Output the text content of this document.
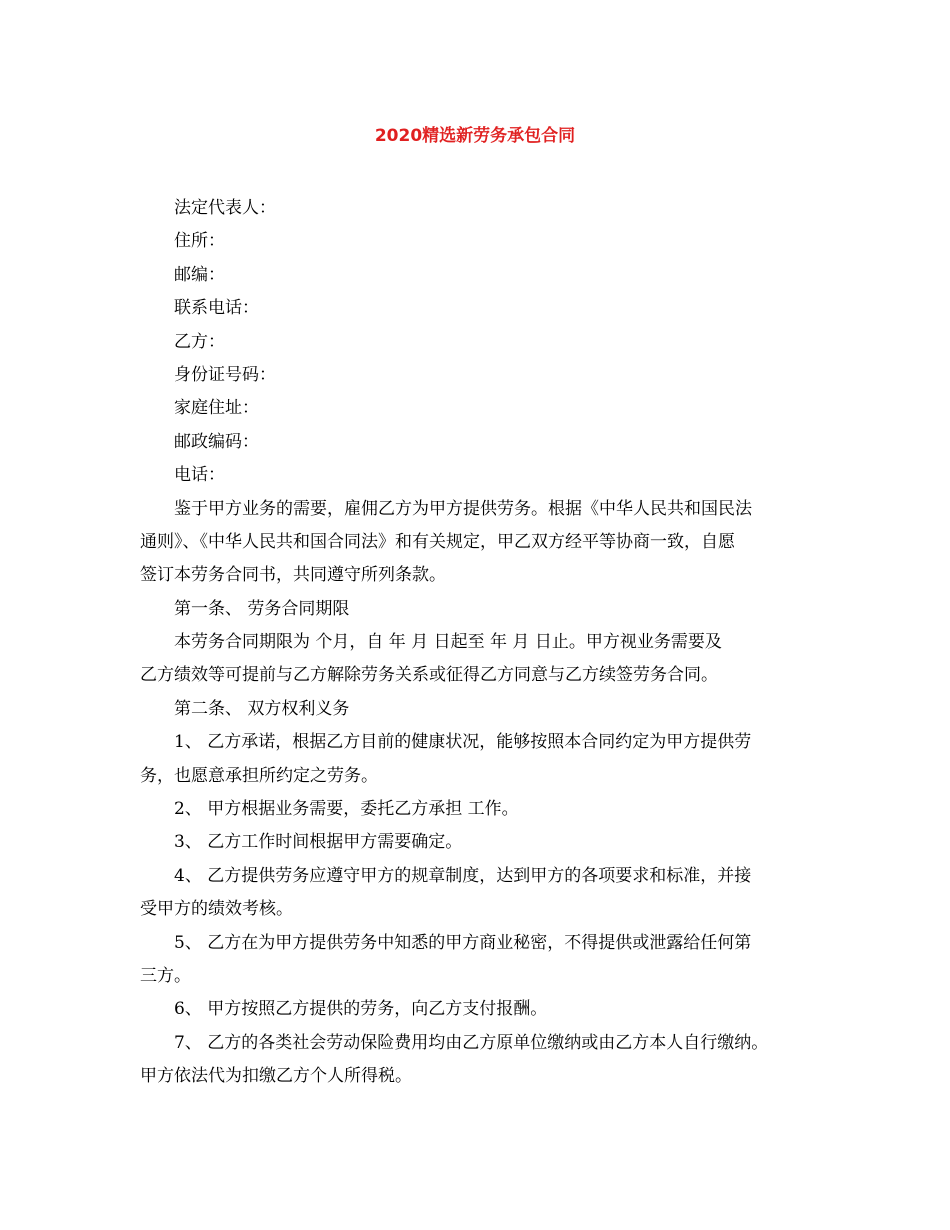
2020精选新劳务承包合同
法定代表人：
住所：
邮编：
联系电话：
乙方：
身份证号码：
家庭住址：
邮政编码：
电话：
鉴于甲方业务的需要，雇佣乙方为甲方提供劳务。根据《中华人民共和国民法
通则》、《中华人民共和国合同法》和有关规定，甲乙双方经平等协商一致，自愿
签订本劳务合同书，共同遵守所列条款。
第一条、 劳务合同期限
本劳务合同期限为 个月，自 年 月 日起至 年 月 日止。甲方视业务需要及
乙方绩效等可提前与乙方解除劳务关系或征得乙方同意与乙方续签劳务合同。
第二条、 双方权利义务
1、 乙方承诺，根据乙方目前的健康状况，能够按照本合同约定为甲方提供劳
务，也愿意承担所约定之劳务。
2、 甲方根据业务需要，委托乙方承担 工作。
3、 乙方工作时间根据甲方需要确定。
4、 乙方提供劳务应遵守甲方的规章制度，达到甲方的各项要求和标准，并接
受甲方的绩效考核。
5、 乙方在为甲方提供劳务中知悉的甲方商业秘密，不得提供或泄露给任何第
三方。
6、 甲方按照乙方提供的劳务，向乙方支付报酬。
7、 乙方的各类社会劳动保险费用均由乙方原单位缴纳或由乙方本人自行缴纳。
甲方依法代为扣缴乙方个人所得税。
